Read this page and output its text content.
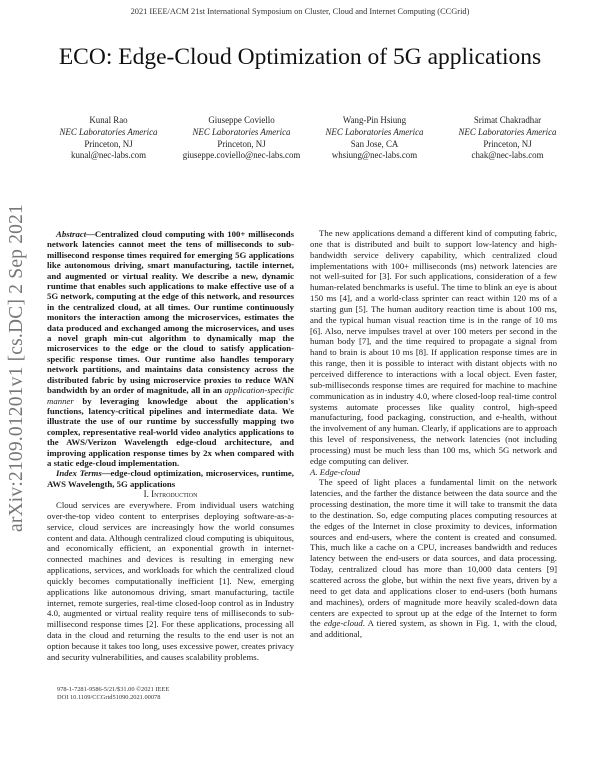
2021 IEEE/ACM 21st International Symposium on Cluster, Cloud and Internet Computing (CCGrid)
arXiv:2109.01201v1 [cs.DC] 2 Sep 2021
ECO: Edge-Cloud Optimization of 5G applications
Kunal Rao
NEC Laboratories America
Princeton, NJ
kunal@nec-labs.com
Giuseppe Coviello
NEC Laboratories America
Princeton, NJ
giuseppe.coviello@nec-labs.com
Wang-Pin Hsiung
NEC Laboratories America
San Jose, CA
whsiung@nec-labs.com
Srimat Chakradhar
NEC Laboratories America
Princeton, NJ
chak@nec-labs.com

Abstract—Centralized cloud computing with 100+ milliseconds network latencies cannot meet the tens of milliseconds to sub-millisecond response times required for emerging 5G applications like autonomous driving, smart manufacturing, tactile internet, and augmented or virtual reality. We describe a new, dynamic runtime that enables such applications to make effective use of a 5G network, computing at the edge of this network, and resources in the centralized cloud, at all times. Our runtime continuously monitors the interaction among the microservices, estimates the data produced and exchanged among the microservices, and uses a novel graph min-cut algorithm to dynamically map the microservices to the edge or the cloud to satisfy application-specific response times. Our runtime also handles temporary network partitions, and maintains data consistency across the distributed fabric by using microservice proxies to reduce WAN bandwidth by an order of magnitude, all in an application-specific manner by leveraging knowledge about the application's functions, latency-critical pipelines and intermediate data. We illustrate the use of our runtime by successfully mapping two complex, representative real-world video analytics applications to the AWS/Verizon Wavelength edge-cloud architecture, and improving application response times by 2x when compared with a static edge-cloud implementation.

Index Terms—edge-cloud optimization, microservices, runtime, AWS Wavelength, 5G applications

I. Introduction

Cloud services are everywhere. From individual users watching over-the-top video content to enterprises deploying software-as-a-service, cloud services are increasingly how the world consumes content and data. Although centralized cloud computing is ubiquitous, and economically efficient, an exponential growth in internet-connected machines and devices is resulting in emerging new applications, services, and workloads for which the centralized cloud quickly becomes computationally inefficient [1]. New, emerging applications like autonomous driving, smart manufacturing, tactile internet, remote surgeries, real-time closed-loop control as in Industry 4.0, augmented or virtual reality require tens of milliseconds to sub-millisecond response times [2]. For these applications, processing all data in the cloud and returning the results to the end user is not an option because it takes too long, uses excessive power, creates privacy and security vulnerabilities, and causes scalability problems.

The new applications demand a different kind of computing fabric, one that is distributed and built to support low-latency and high-bandwidth service delivery capability, which centralized cloud implementations with 100+ milliseconds (ms) network latencies are not well-suited for [3]. For such applications, consideration of a few human-related benchmarks is useful. The time to blink an eye is about 150 ms [4], and a world-class sprinter can react within 120 ms of a starting gun [5]. The human auditory reaction time is about 100 ms, and the typical human visual reaction time is in the range of 10 ms [6]. Also, nerve impulses travel at over 100 meters per second in the human body [7], and the time required to propagate a signal from hand to brain is about 10 ms [8]. If application response times are in this range, then it is possible to interact with distant objects with no perceived difference to interactions with a local object. Even faster, sub-milliseconds response times are required for machine to machine communication as in industry 4.0, where closed-loop real-time control systems automate processes like quality control, high-speed manufacturing, food packaging, construction, and e-health, without the involvement of any human. Clearly, if applications are to approach this level of responsiveness, the network latencies (not including processing) must be much less than 100 ms, which 5G network and edge computing can deliver.

A. Edge-cloud

The speed of light places a fundamental limit on the network latencies, and the farther the distance between the data source and the processing destination, the more time it will take to transmit the data to the destination. So, edge computing places computing resources at the edges of the Internet in close proximity to devices, information sources and end-users, where the content is created and consumed. This, much like a cache on a CPU, increases bandwidth and reduces latency between the end-users or data sources, and data processing. Today, centralized cloud has more than 10,000 data centers [9] scattered across the globe, but within the next five years, driven by a need to get data and applications closer to end-users (both humans and machines), orders of magnitude more heavily scaled-down data centers are expected to sprout up at the edge of the Internet to form the edge-cloud. A tiered system, as shown in Fig. 1, with the cloud, and additional,

978-1-7281-9586-5/21/$31.00 ©2021 IEEE
DOI 10.1109/CCGrid51090.2021.00078
